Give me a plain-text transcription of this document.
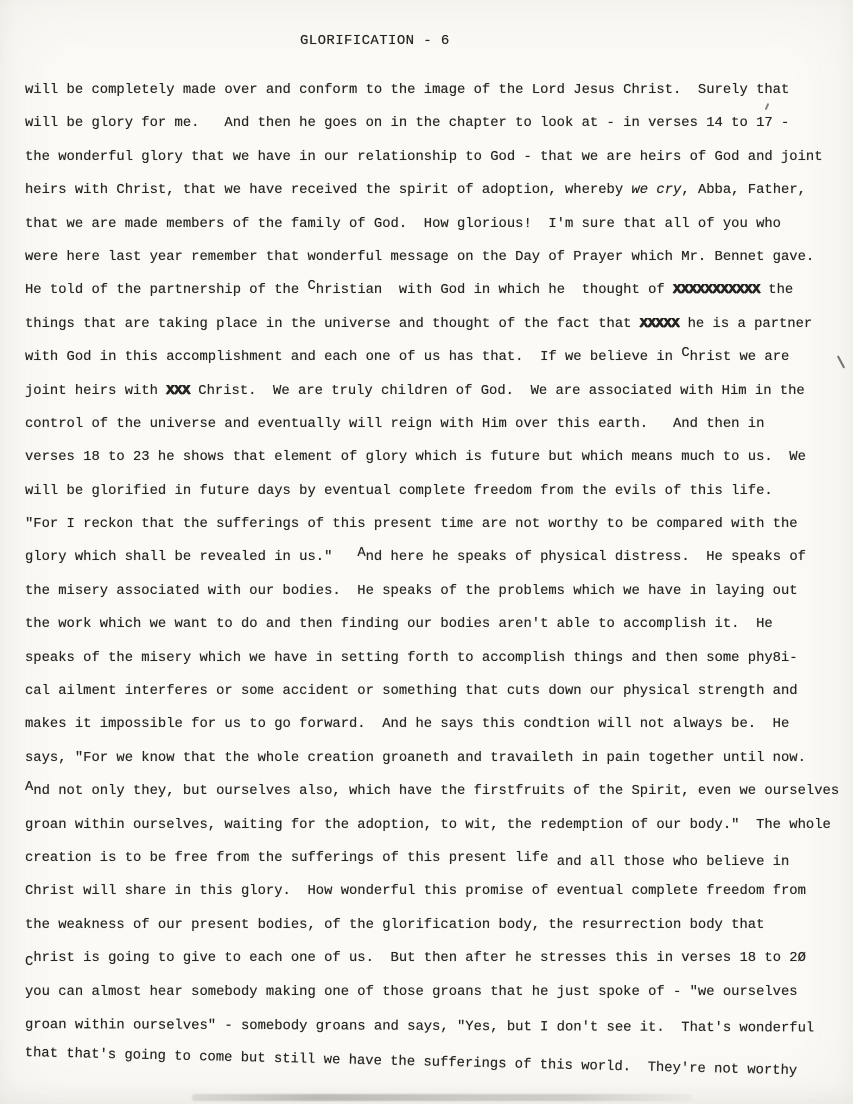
GLORIFICATION - 6
will be completely made over and conform to the image of the Lord Jesus Christ.  Surely that
will be glory for me.   And then he goes on in the chapter to look at - in verses 14 to 17 -
the wonderful glory that we have in our relationship to God - that we are heirs of God and joint
heirs with Christ, that we have received the spirit of adoption, whereby we cry, Abba, Father,
that we are made members of the family of God.  How glorious!  I'm sure that all of you who
were here last year remember that wonderful message on the Day of Prayer which Mr. Bennet gave.
He told of the partnership of the Christian  with God in which he  thought of XXXXXXXXXXX the
things that are taking place in the universe and thought of the fact that XXXXX he is a partner
with God in this accomplishment and each one of us has that.  If we believe in Christ we are
joint heirs with XXX Christ.  We are truly children of God.  We are associated with Him in the
control of the universe and eventually will reign with Him over this earth.   And then in
verses 18 to 23 he shows that element of glory which is future but which means much to us.  We
will be glorified in future days by eventual complete freedom from the evils of this life.
"For I reckon that the sufferings of this present time are not worthy to be compared with the
glory which shall be revealed in us."   And here he speaks of physical distress.  He speaks of
the misery associated with our bodies.  He speaks of the problems which we have in laying out
the work which we want to do and then finding our bodies aren't able to accomplish it.  He
speaks of the misery which we have in setting forth to accomplish things and then some phy8i-
cal ailment interferes or some accident or something that cuts down our physical strength and
makes it impossible for us to go forward.  And he says this condtion will not always be.  He
says, "For we know that the whole creation groaneth and travaileth in pain together until now.
And not only they, but ourselves also, which have the firstfruits of the Spirit, even we ourselves
groan within ourselves, waiting for the adoption, to wit, the redemption of our body."  The whole
creation is to be free from the sufferings of this present life and all those who believe in
Christ will share in this glory.  How wonderful this promise of eventual complete freedom from
the weakness of our present bodies, of the glorification body, the resurrection body that
Christ is going to give to each one of us.  But then after he stresses this in verses 18 to 2Ø
you can almost hear somebody making one of those groans that he just spoke of - "we ourselves
groan within ourselves" - somebody groans and says, "Yes, but I don't see it.  That's wonderful
that that's going to come but still we have the sufferings of this world.  They're not worthy
